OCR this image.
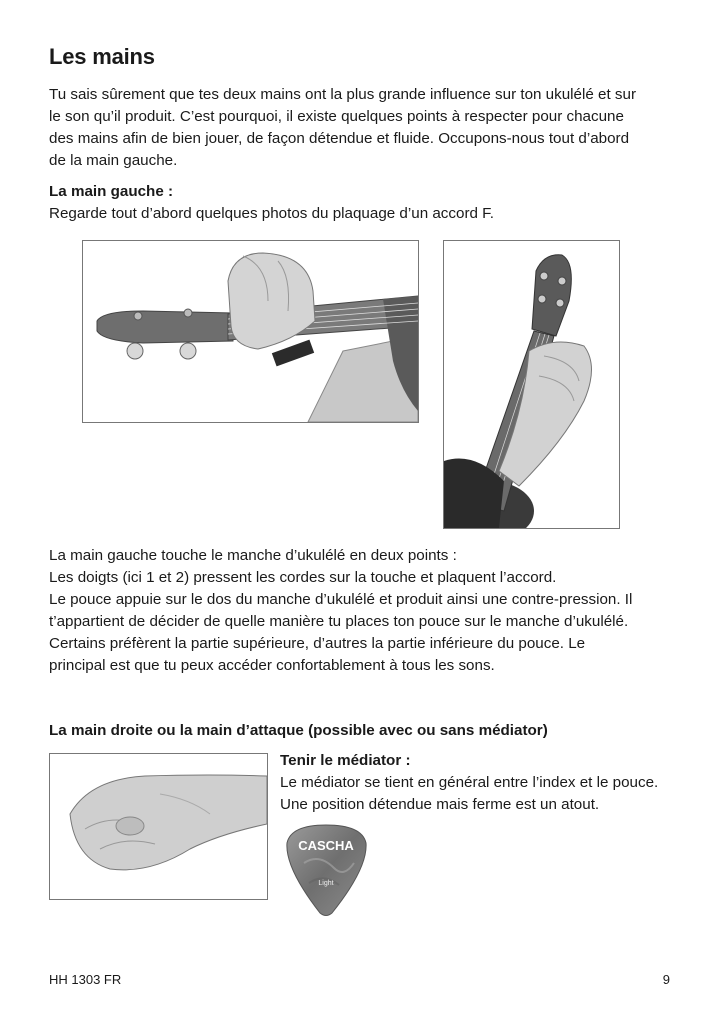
Les mains

Tu sais sûrement que tes deux mains ont la plus grande influence sur ton ukulélé et sur

le son qu’il produit. C’est pourquoi, il existe quelques points à respecter pour chacune

des mains afin de bien jouer, de façon détendue et fluide. Occupons-nous tout d’abord

de la main gauche.

La main gauche :

Regarde tout d’abord quelques photos du plaquage d’un accord F.

La main gauche touche le manche d’ukulélé en deux points :

Les doigts (ici 1 et 2) pressent les cordes sur la touche et plaquent l’accord.

Le pouce appuie sur le dos du manche d’ukulélé et produit ainsi une contre-pression. Il

t’appartient de décider de quelle manière tu places ton pouce sur le manche d’ukulélé.

Certains préfèrent la partie supérieure, d’autres la partie inférieure du pouce. Le

principal est que tu peux accéder confortablement à tous les sons.

La main droite ou la main d’attaque (possible avec ou sans médiator)
Tenir le médiator :
Le médiator se tient en général entre l’index et le pouce.
Une position détendue mais ferme est un atout.
CASCHA
Light
HH 1303 FR	9
